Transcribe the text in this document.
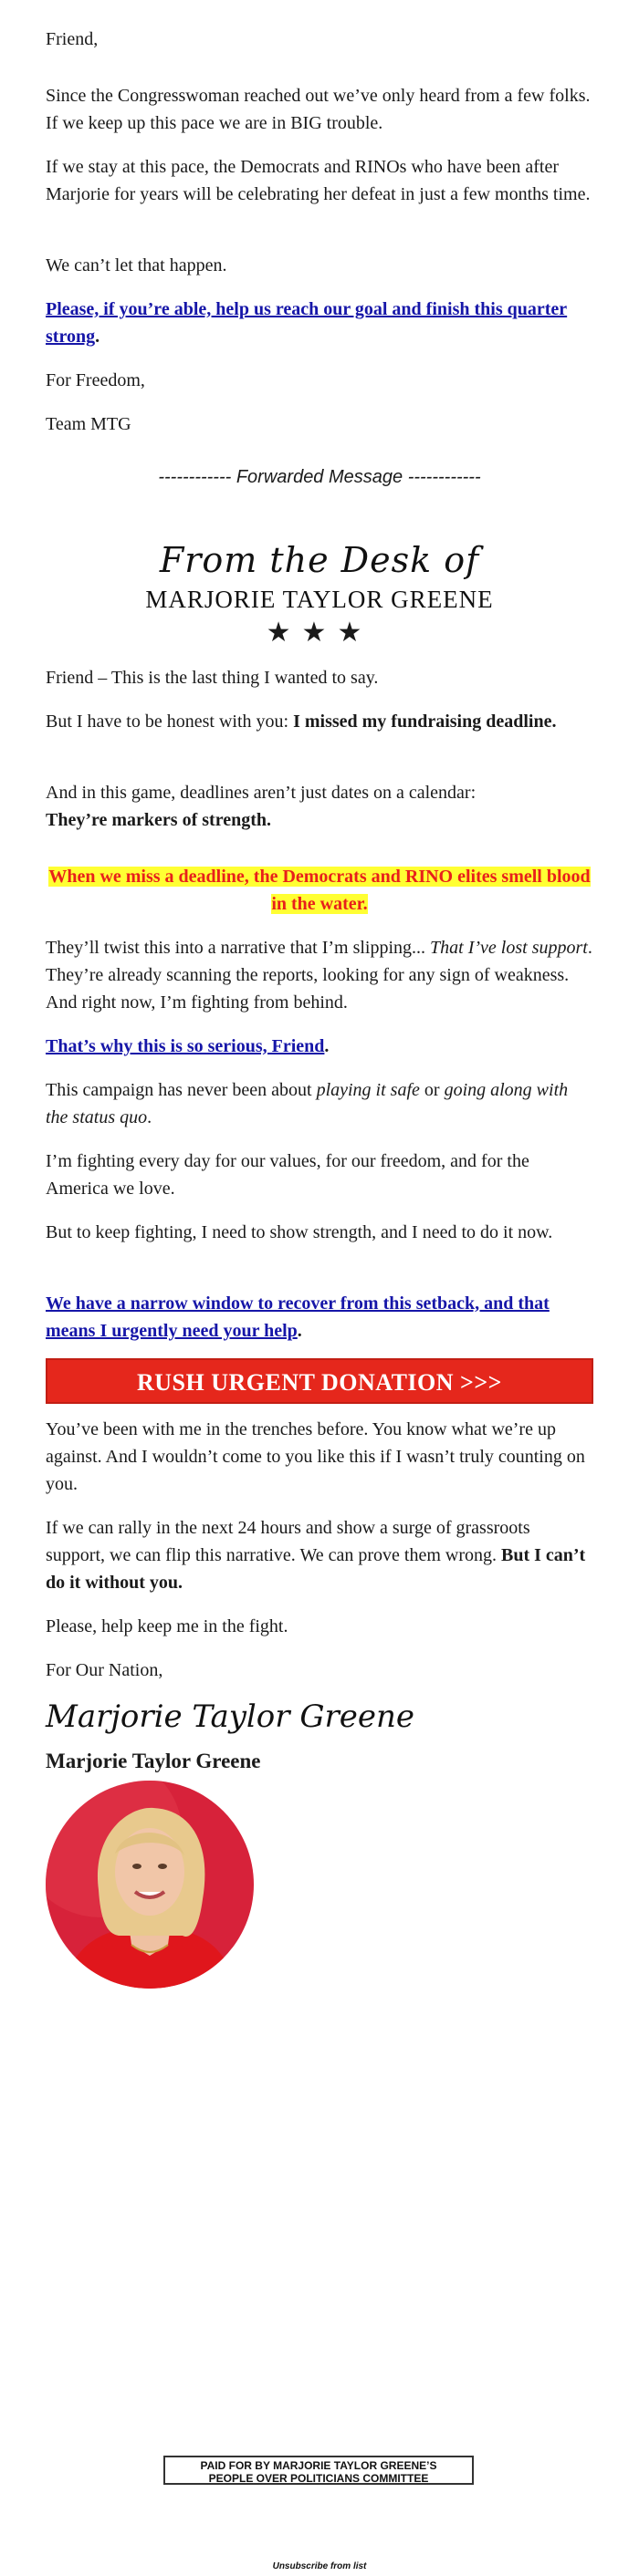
Friend,

Since the Congresswoman reached out we’ve only heard from a few folks. If we keep up this pace we are in BIG trouble.

If we stay at this pace, the Democrats and RINOs who have been after Marjorie for years will be celebrating her defeat in just a few months time.

We can’t let that happen.

Please, if you’re able, help us reach our goal and finish this quarter strong.

For Freedom,

Team MTG

------------ Forwarded Message ------------
From the Desk of
MARJORIE TAYLOR GREENE
★★★

Friend – This is the last thing I wanted to say.

But I have to be honest with you: I missed my fundraising deadline.

And in this game, deadlines aren’t just dates on a calendar:
They’re markers of strength.

When we miss a deadline, the Democrats and RINO elites smell blood in the water.

They’ll twist this into a narrative that I’m slipping... That I’ve lost support. They’re already scanning the reports, looking for any sign of weakness. And right now, I’m fighting from behind.

That’s why this is so serious, Friend.

This campaign has never been about playing it safe or going along with the status quo.

I’m fighting every day for our values, for our freedom, and for the America we love.

But to keep fighting, I need to show strength, and I need to do it now.

We have a narrow window to recover from this setback, and that means I urgently need your help.

RUSH URGENT DONATION >>>

You’ve been with me in the trenches before. You know what we’re up against. And I wouldn’t come to you like this if I wasn’t truly counting on you.

If we can rally in the next 24 hours and show a surge of grassroots support, we can flip this narrative. We can prove them wrong. But I can’t do it without you.

Please, help keep me in the fight.

For Our Nation,

Marjorie Taylor Greene
Marjorie Taylor Greene
PAID FOR BY MARJORIE TAYLOR GREENE’S
PEOPLE OVER POLITICIANS COMMITTEE
Unsubscribe from list
